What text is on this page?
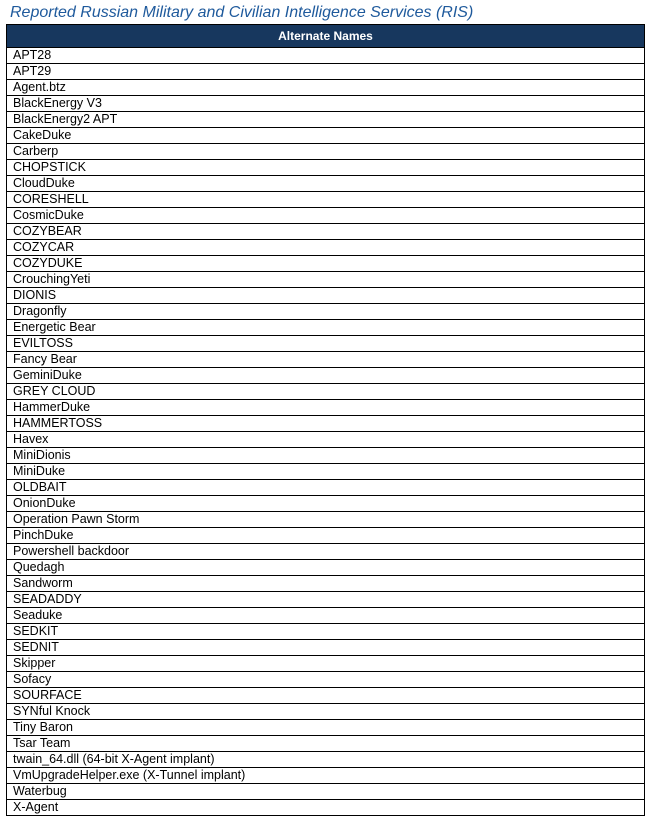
Reported Russian Military and Civilian Intelligence Services (RIS)
Alternate Names
APT28
APT29
Agent.btz
BlackEnergy V3
BlackEnergy2 APT
CakeDuke
Carberp
CHOPSTICK
CloudDuke
CORESHELL
CosmicDuke
COZYBEAR
COZYCAR
COZYDUKE
CrouchingYeti
DIONIS
Dragonfly
Energetic Bear
EVILTOSS
Fancy Bear
GeminiDuke
GREY CLOUD
HammerDuke
HAMMERTOSS
Havex
MiniDionis
MiniDuke
OLDBAIT
OnionDuke
Operation Pawn Storm
PinchDuke
Powershell backdoor
Quedagh
Sandworm
SEADADDY
Seaduke
SEDKIT
SEDNIT
Skipper
Sofacy
SOURFACE
SYNful Knock
Tiny Baron
Tsar Team
twain_64.dll (64-bit X-Agent implant)
VmUpgradeHelper.exe (X-Tunnel implant)
Waterbug
X-Agent
